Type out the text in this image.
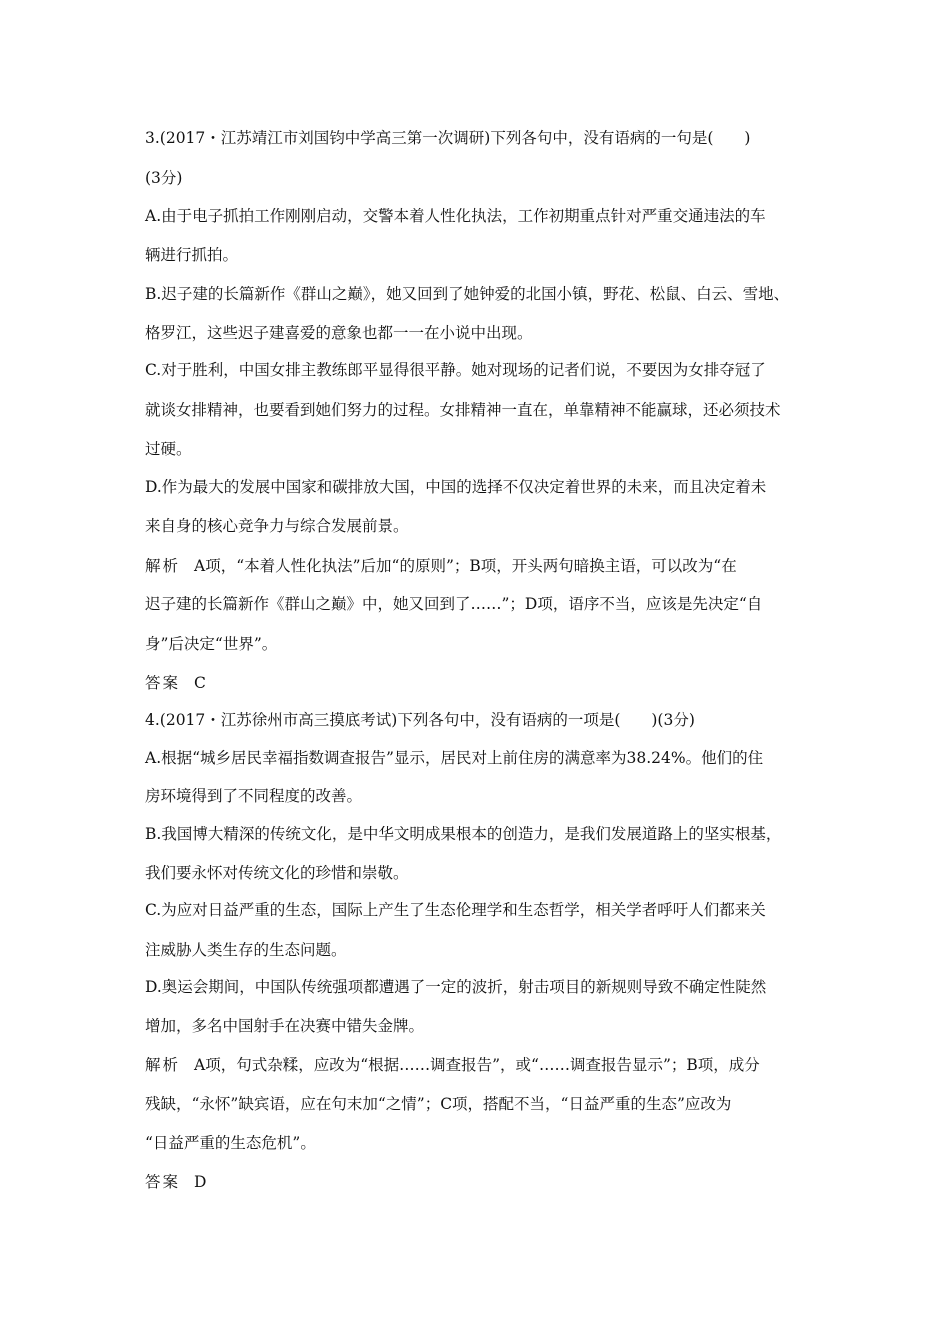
3.(2017・江苏靖江市刘国钧中学高三第一次调研)下列各句中，没有语病的一句是(　　)
(3分)
A.由于电子抓拍工作刚刚启动，交警本着人性化执法，工作初期重点针对严重交通违法的车
辆进行抓拍。
B.迟子建的长篇新作《群山之巅》，她又回到了她钟爱的北国小镇，野花、松鼠、白云、雪地、
格罗江，这些迟子建喜爱的意象也都一一在小说中出现。
C.对于胜利，中国女排主教练郎平显得很平静。她对现场的记者们说，不要因为女排夺冠了
就谈女排精神，也要看到她们努力的过程。女排精神一直在，单靠精神不能赢球，还必须技术
过硬。
D.作为最大的发展中国家和碳排放大国，中国的选择不仅决定着世界的未来，而且决定着未
来自身的核心竞争力与综合发展前景。
解析 A项，“本着人性化执法”后加“的原则”；B项，开头两句暗换主语，可以改为“在
迟子建的长篇新作《群山之巅》中，她又回到了……”；D项，语序不当，应该是先决定“自
身”后决定“世界”。
答案 C
4.(2017・江苏徐州市高三摸底考试)下列各句中，没有语病的一项是(　　)(3分)
A.根据“城乡居民幸福指数调查报告”显示，居民对上前住房的满意率为38.24%。他们的住
房环境得到了不同程度的改善。
B.我国博大精深的传统文化，是中华文明成果根本的创造力，是我们发展道路上的坚实根基，
我们要永怀对传统文化的珍惜和崇敬。
C.为应对日益严重的生态，国际上产生了生态伦理学和生态哲学，相关学者呼吁人们都来关
注威胁人类生存的生态问题。
D.奥运会期间，中国队传统强项都遭遇了一定的波折，射击项目的新规则导致不确定性陡然
增加，多名中国射手在决赛中错失金牌。
解析 A项，句式杂糅，应改为“根据……调查报告”，或“……调查报告显示”；B项，成分
残缺，“永怀”缺宾语，应在句末加“之情”；C项，搭配不当，“日益严重的生态”应改为
“日益严重的生态危机”。
答案 D
